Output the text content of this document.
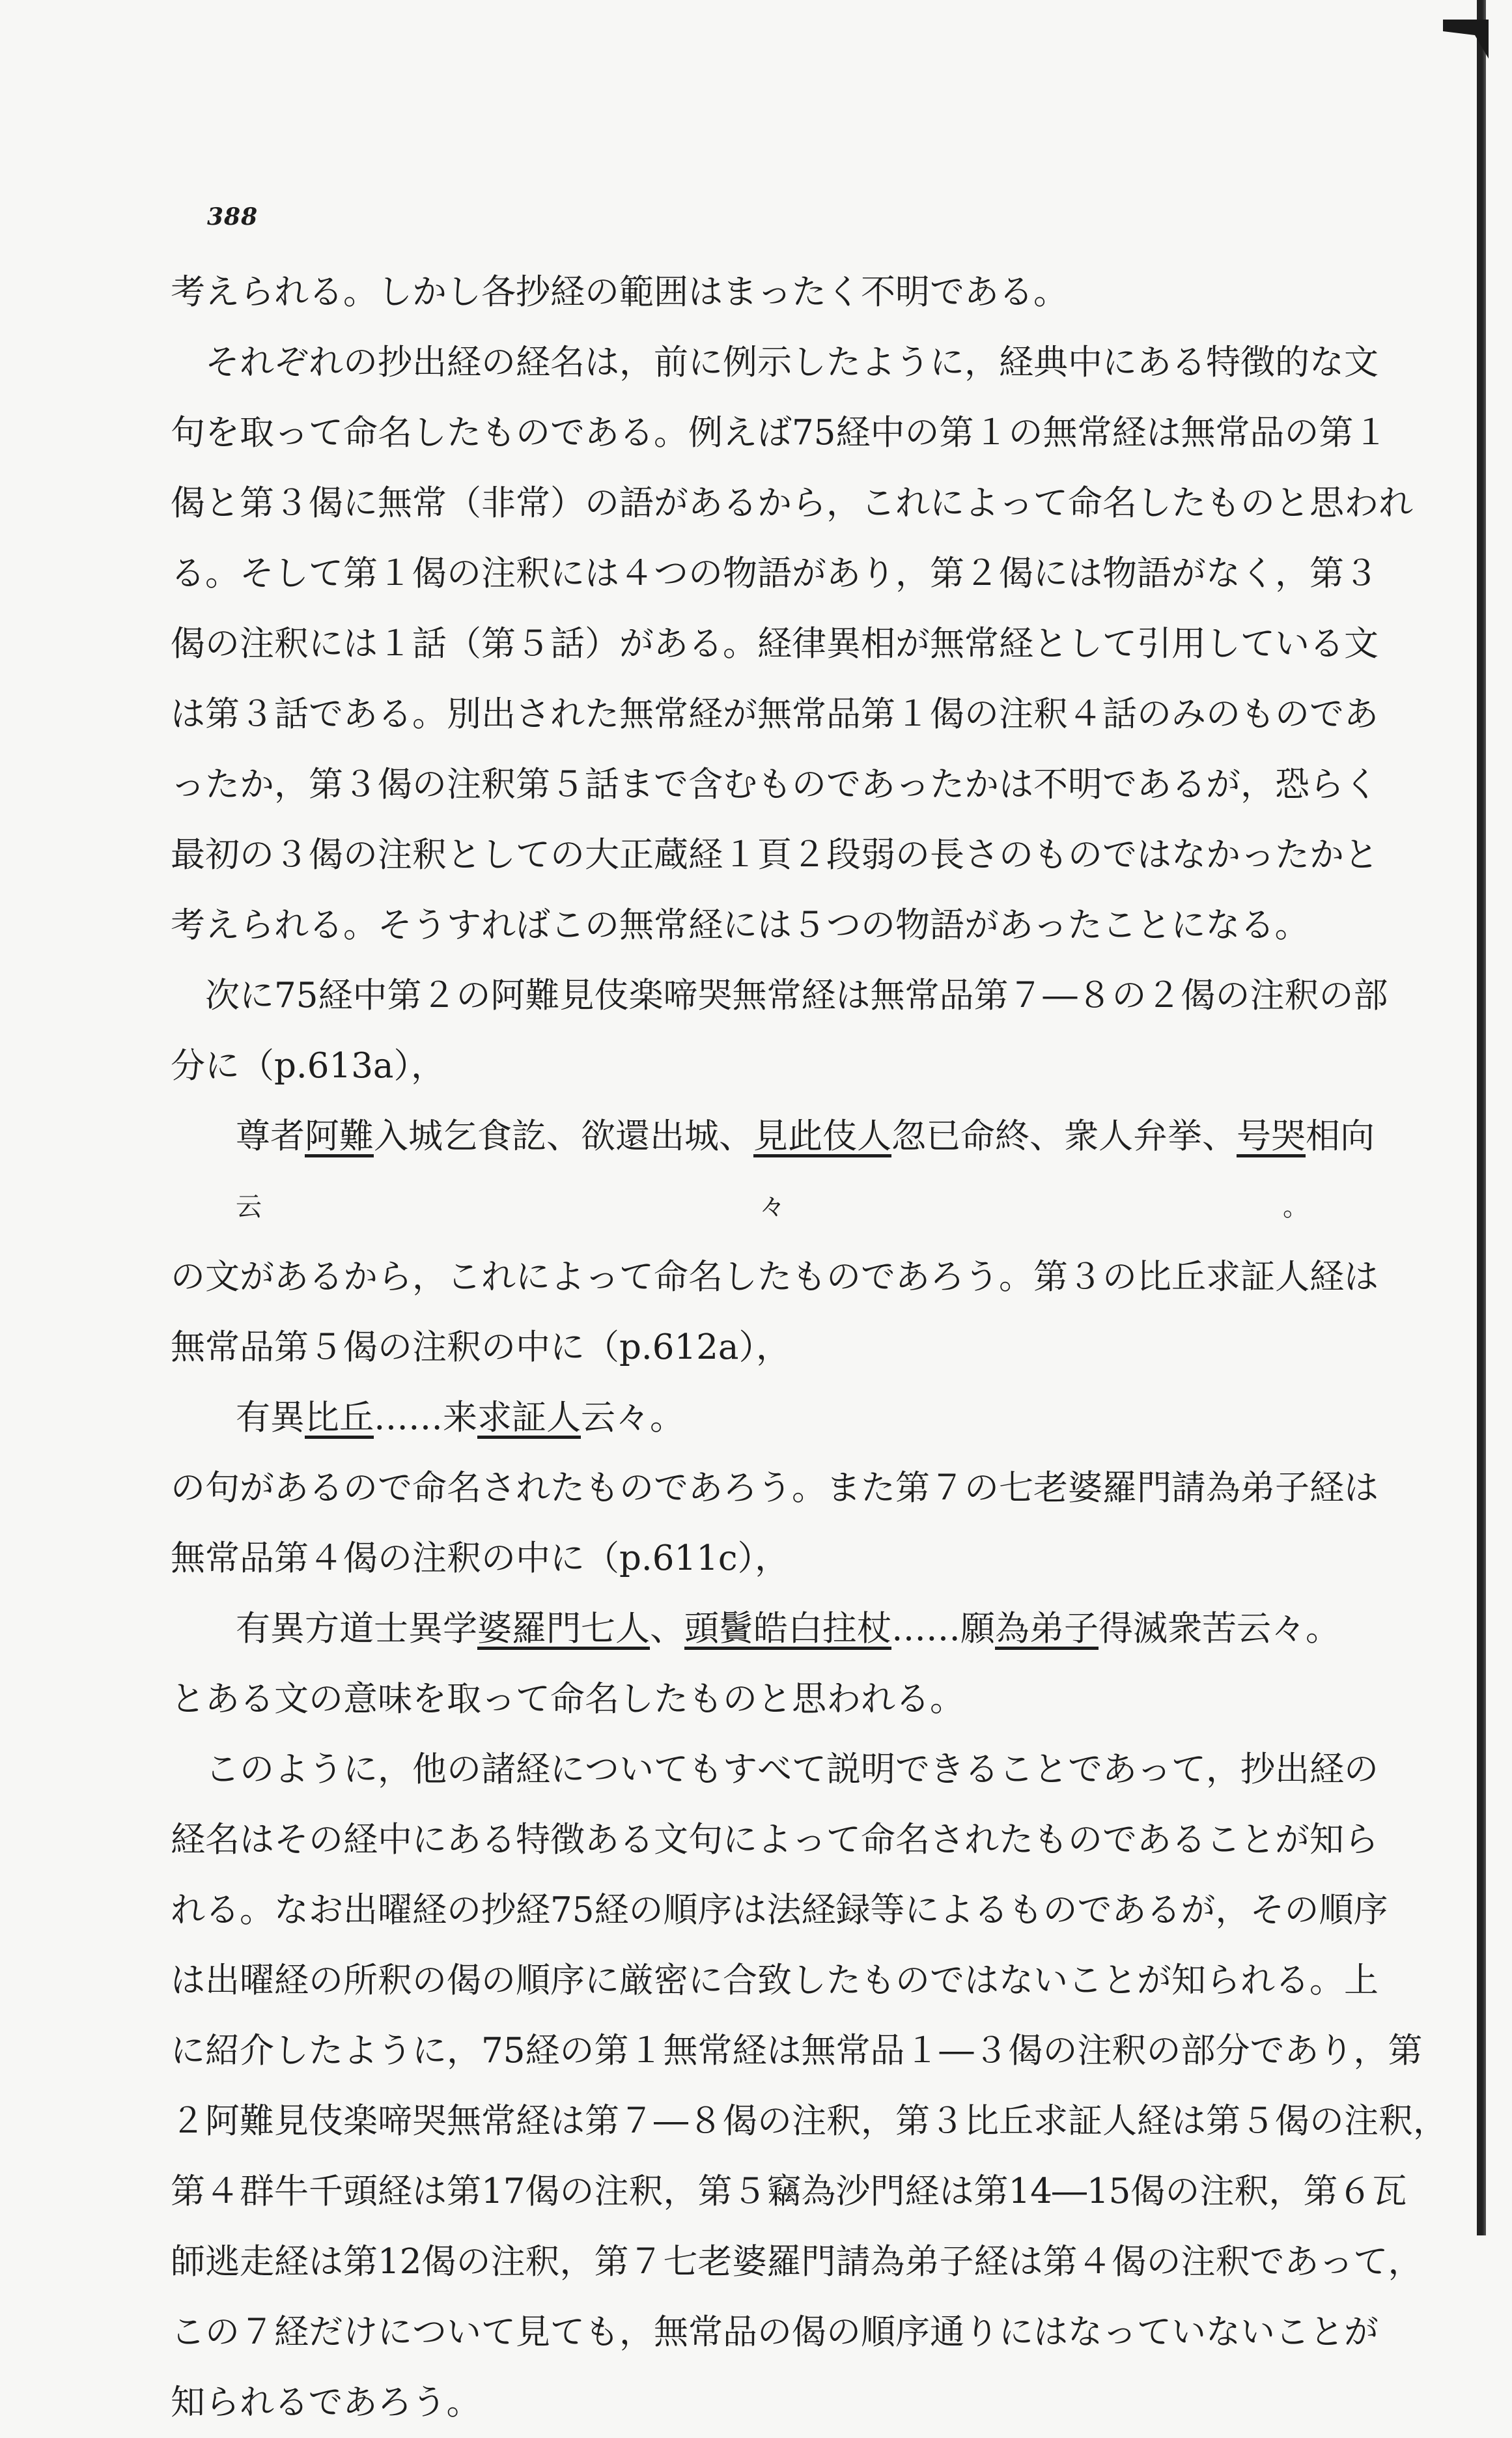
388
考えられる。しかし各抄経の範囲はまったく不明である。

そ れ ぞ れ の 抄 出 経 の 経 名 は ， 前 に 例 示 し た よ う に ， 経 典 中 に あ る 特 徴 的 な 文
句 を 取 っ て 命 名 し た も の で あ る 。 例 え ば 7 5 経 中 の 第 １ の 無 常 経 は 無 常 品 の 第 １
偈 と 第 ３ 偈 に 無 常 （ 非 常 ） の 語 が あ る か ら ， こ れ に よ っ て 命 名 し た も の と 思 わ れ
る 。 そ し て 第 １ 偈 の 注 釈 に は ４ つ の 物 語 が あ り ， 第 ２ 偈 に は 物 語 が な く ， 第 ３
偈 の 注 釈 に は １ 話 （ 第 ５ 話 ） が あ る 。 経 律 異 相 が 無 常 経 と し て 引 用 し て い る 文
は 第 ３ 話 で あ る 。 別 出 さ れ た 無 常 経 が 無 常 品 第 １ 偈 の 注 釈 ４ 話 の み の も の で あ
っ た か ， 第 ３ 偈 の 注 釈 第 ５ 話 ま で 含 む も の で あ っ た か は 不 明 で あ る が ， 恐 ら く
最 初 の ３ 偈 の 注 釈 と し て の 大 正 蔵 経 １ 頁 ２ 段 弱 の 長 さ の も の で は な か っ た か と
考えられる。そうすればこの無常経には５つの物語があったことになる。

次 に 7 5 経 中 第 ２ の 阿 難 見 伎 楽 啼 哭 無 常 経 は 無 常 品 第 ７ ― ８ の ２ 偈 の 注 釈 の 部
分に（p.613a），
尊者 阿難 入城乞食訖、欲還出城、 見此伎人 忽已命終、衆人弁挙、 号哭 相向
云	々	。
の 文 が あ る か ら ， こ れ に よ っ て 命 名 し た も の で あ ろ う 。 第 ３ の 比 丘 求 証 人 経 は
無常品第５偈の注釈の中に（p.612a），
有異 比丘 ……来 求証人 云々。
の 句 が あ る の で 命 名 さ れ た も の で あ ろ う 。 ま た 第 ７ の 七 老 婆 羅 門 請 為 弟 子 経 は
無常品第４偈の注釈の中に（p.611c），
有異方道士異学 婆羅門七人 、 頭鬢皓白拄杖 ……願 為弟子 得滅衆苦云々。
とある文の意味を取って命名したものと思われる。

こ の よ う に ， 他 の 諸 経 に つ い て も す べ て 説 明 で き る こ と で あ っ て ， 抄 出 経 の
経 名 は そ の 経 中 に あ る 特 徴 あ る 文 句 に よ っ て 命 名 さ れ た も の で あ る こ と が 知 ら
れ る 。 な お 出 曜 経 の 抄 経 7 5 経 の 順 序 は 法 経 録 等 に よ る も の で あ る が ， そ の 順 序
は 出 曜 経 の 所 釈 の 偈 の 順 序 に 厳 密 に 合 致 し た も の で は な い こ と が 知 ら れ る 。 上
に 紹 介 し た よ う に ， 7 5 経 の 第 １ 無 常 経 は 無 常 品 １ ― ３ 偈 の 注 釈 の 部 分 で あ り ， 第
２ 阿 難 見 伎 楽 啼 哭 無 常 経 は 第 ７ ― ８ 偈 の 注 釈 ， 第 ３ 比 丘 求 証 人 経 は 第 ５ 偈 の 注 釈 ，
第 ４ 群 牛 千 頭 経 は 第 1 7 偈 の 注 釈 ， 第 ５ 竊 為 沙 門 経 は 第 1 4 ― 1 5 偈 の 注 釈 ， 第 ６ 瓦
師 逃 走 経 は 第 1 2 偈 の 注 釈 ， 第 ７ 七 老 婆 羅 門 請 為 弟 子 経 は 第 ４ 偈 の 注 釈 で あ っ て ，
こ の ７ 経 だ け に つ い て 見 て も ， 無 常 品 の 偈 の 順 序 通 り に は な っ て い な い こ と が
知られるであろう。
